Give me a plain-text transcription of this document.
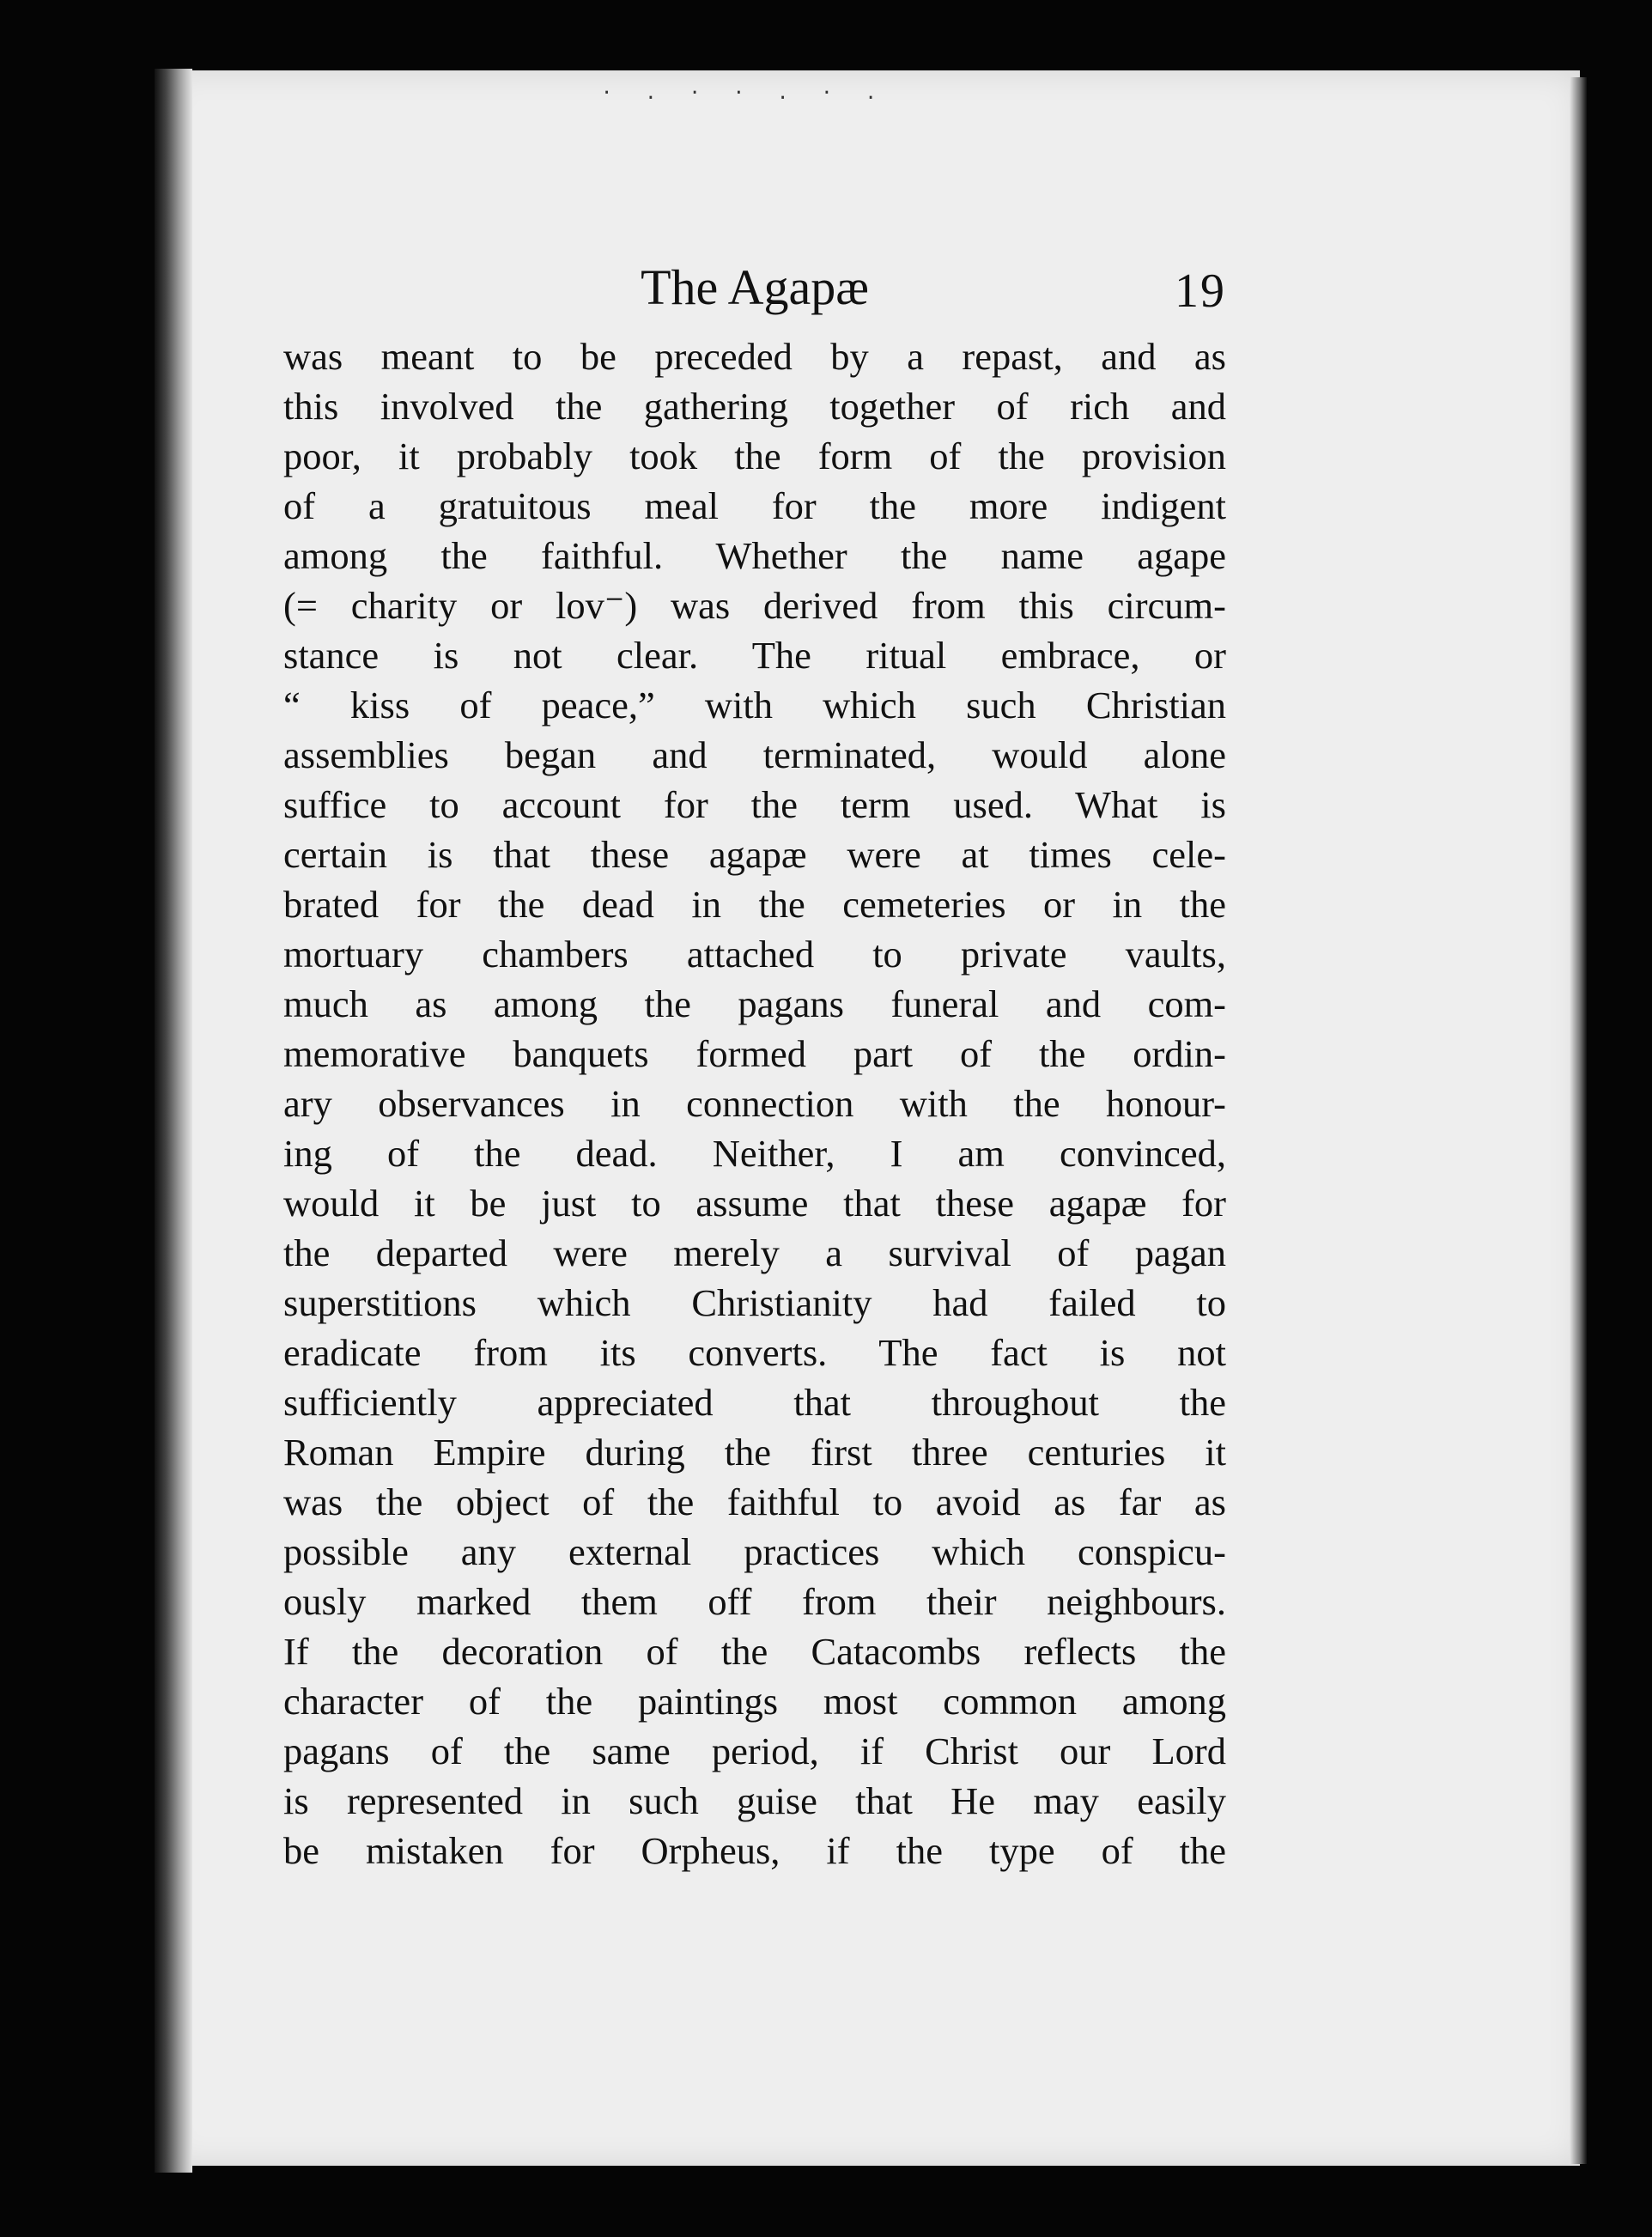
·.··.·.
The Agapæ	19
was meant to be preceded by a repast, and as
this involved the gathering together of rich and
poor, it probably took the form of the provision
of a gratuitous meal for the more indigent
among the faithful. Whether the name agape
(= charity or lov⁻) was derived from this circum-
stance is not clear. The ritual embrace, or
“ kiss of peace,” with which such Christian
assemblies began and terminated, would alone
suffice to account for the term used. What is
certain is that these agapæ were at times cele-
brated for the dead in the cemeteries or in the
mortuary chambers attached to private vaults,
much as among the pagans funeral and com-
memorative banquets formed part of the ordin-
ary observances in connection with the honour-
ing of the dead. Neither, I am convinced,
would it be just to assume that these agapæ for
the departed were merely a survival of pagan
superstitions which Christianity had failed to
eradicate from its converts. The fact is not
sufficiently appreciated that throughout the
Roman Empire during the first three centuries it
was the object of the faithful to avoid as far as
possible any external practices which conspicu-
ously marked them off from their neighbours.
If the decoration of the Catacombs reflects the
character of the paintings most common among
pagans of the same period, if Christ our Lord
is represented in such guise that He may easily
be mistaken for Orpheus, if the type of the
